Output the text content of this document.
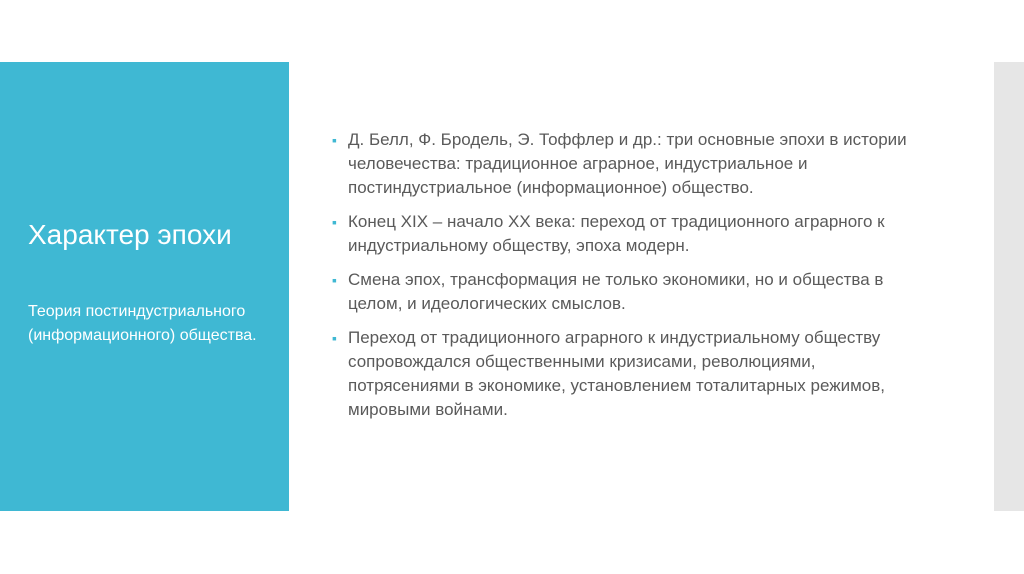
Характер эпохи

Теория постиндустриального (информационного) общества.

▪ Д. Белл, Ф. Бродель, Э. Тоффлер и др.: три основные эпохи в истории человечества: традиционное аграрное, индустриальное и постиндустриальное (информационное) общество.
▪ Конец XIX – начало XX века: переход от традиционного аграрного к индустриальному обществу, эпоха модерн.
▪ Смена эпох, трансформация не только экономики, но и общества в целом, и идеологических смыслов.
▪ Переход от традиционного аграрного к индустриальному обществу сопровождался общественными кризисами, революциями, потрясениями в экономике, установлением тоталитарных режимов, мировыми войнами.
